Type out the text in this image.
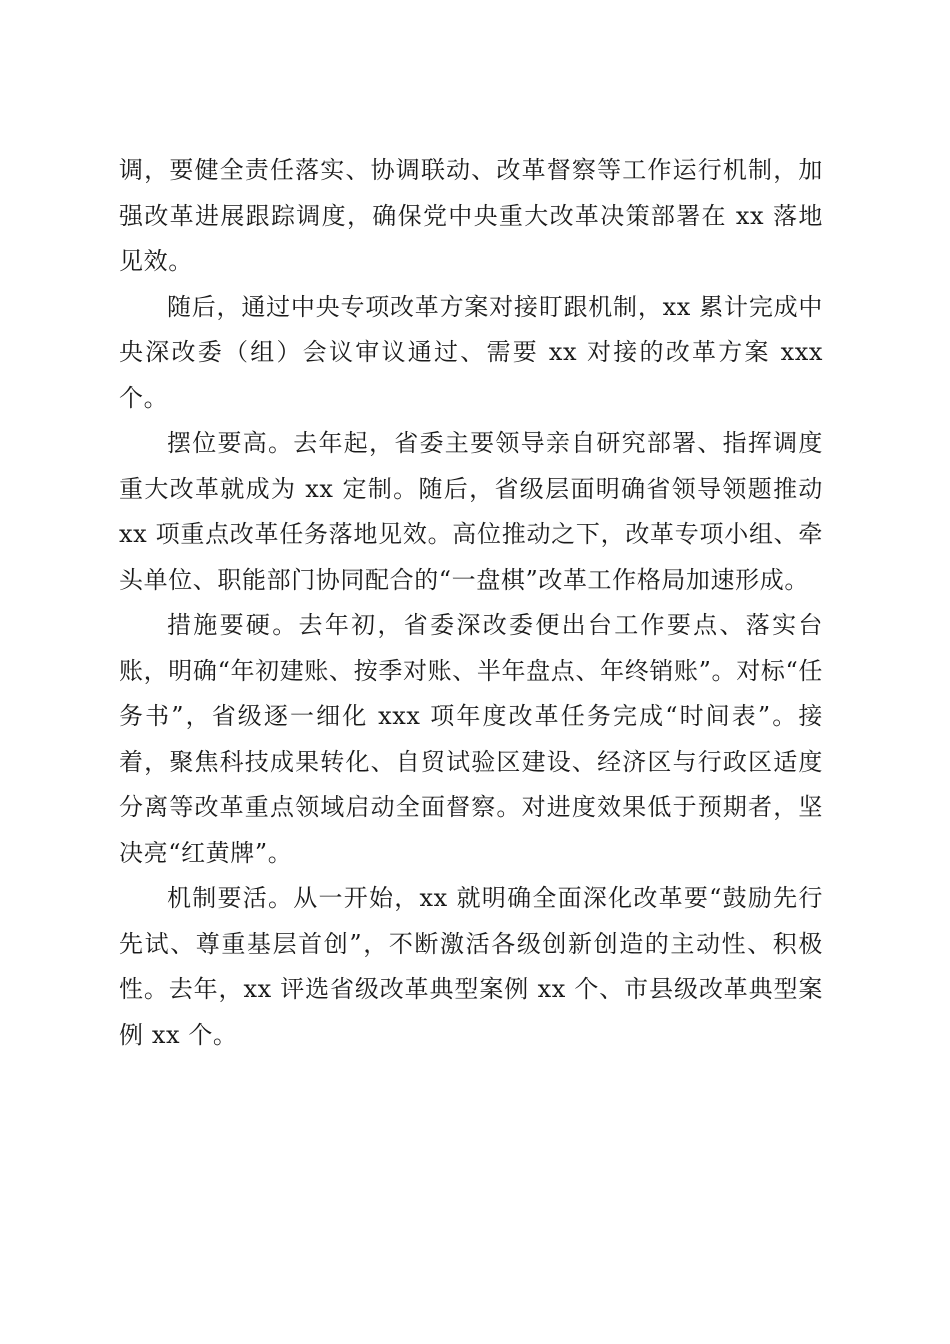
调，要健全责任落实、协调联动、改革督察等工作运行机制，加强改革进展跟踪调度，确保党中央重大改革决策部署在 xx 落地见效。

随后，通过中央专项改革方案对接盯跟机制，xx 累计完成中央深改委（组）会议审议通过、需要 xx 对接的改革方案 xxx 个。

摆位要高。去年起，省委主要领导亲自研究部署、指挥调度重大改革就成为 xx 定制。随后，省级层面明确省领导领题推动 xx 项重点改革任务落地见效。高位推动之下，改革专项小组、牵头单位、职能部门协同配合的“一盘棋”改革工作格局加速形成。

措施要硬。去年初，省委深改委便出台工作要点、落实台账，明确“年初建账、按季对账、半年盘点、年终销账”。对标“任务书”，省级逐一细化 xxx 项年度改革任务完成“时间表”。接着，聚焦科技成果转化、自贸试验区建设、经济区与行政区适度分离等改革重点领域启动全面督察。对进度效果低于预期者，坚决亮“红黄牌”。

机制要活。从一开始，xx 就明确全面深化改革要“鼓励先行先试、尊重基层首创”，不断激活各级创新创造的主动性、积极性。去年，xx 评选省级改革典型案例 xx 个、市县级改革典型案例 xx 个。
